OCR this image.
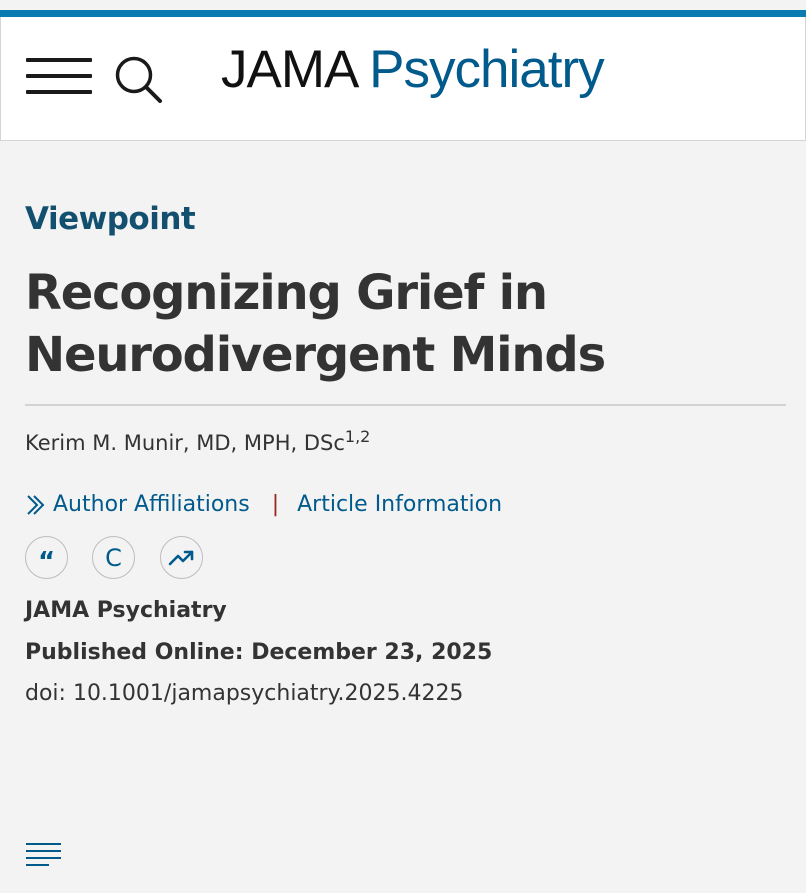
JAMA Psychiatry
Viewpoint
Recognizing Grief in Neurodivergent Minds
Kerim M. Munir, MD, MPH, DSc$^{1,2}$
Author Affiliations | Article Information
“ C
JAMA Psychiatry
Published Online: December 23, 2025
doi: 10.1001/jamapsychiatry.2025.4225
